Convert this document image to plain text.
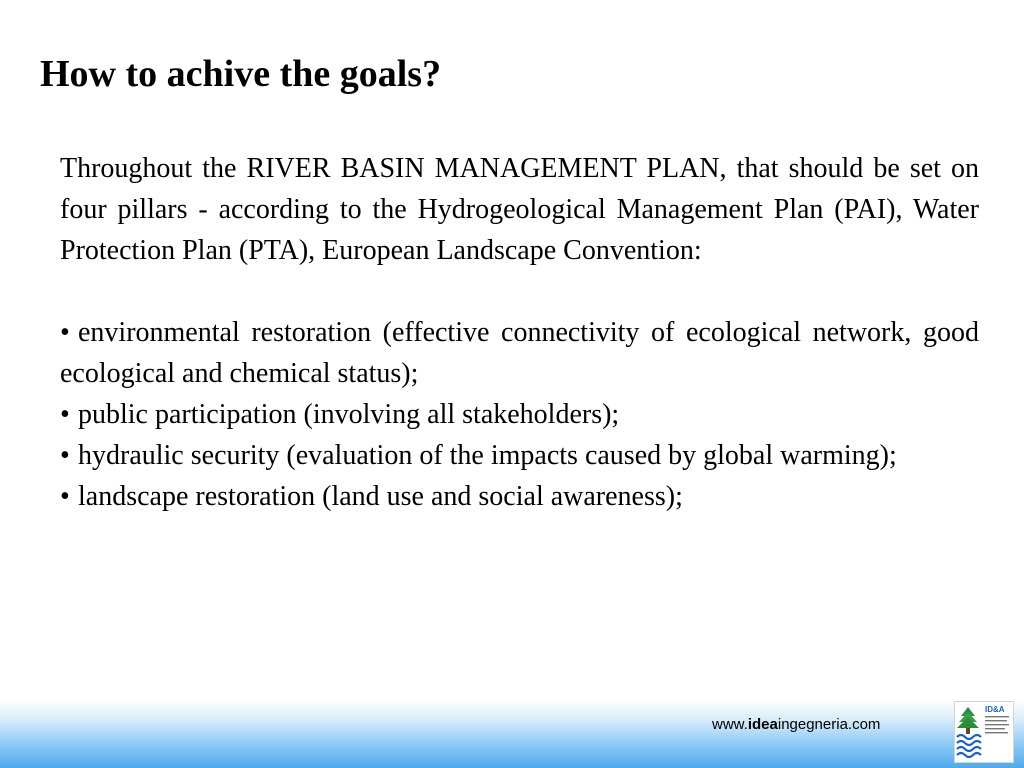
How to achive the goals?

Throughout the RIVER BASIN MANAGEMENT PLAN, that should be set on four pillars - according to the Hydrogeological Management Plan (PAI), Water Protection Plan (PTA), European Landscape Convention:

• environmental restoration (effective connectivity of ecological network, good ecological and chemical status);

• public participation (involving all stakeholders);

• hydraulic security (evaluation of the impacts caused by global warming);

• landscape restoration (land use and social awareness);

www.ideaingegneria.com
ID&A
